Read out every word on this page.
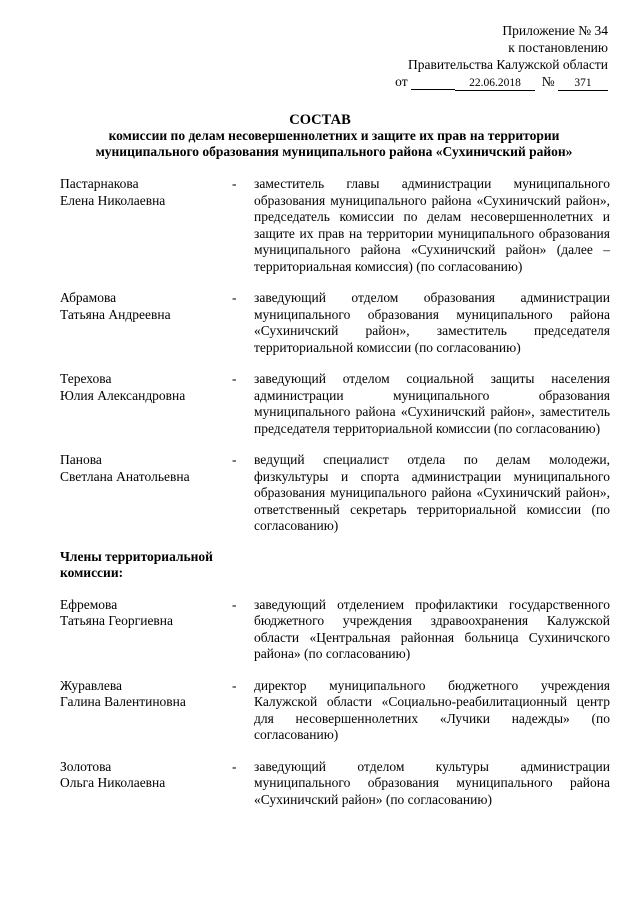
Приложение № 34
к постановлению
Правительства Калужской области
от	22.06.2018 № 371
СОСТАВ
комиссии по делам несовершеннолетних и защите их прав на территории муниципального образования муниципального района «Сухиничский район»
Пастарнакова
Елена Николаевна
-	заместитель главы администрации муниципального образования муниципального района «Сухиничский район», председатель комиссии по делам несовершеннолетних и защите их прав на территории муниципального образования муниципального района «Сухиничский район» (далее – территориальная комиссия) (по согласованию)
Абрамова
Татьяна Андреевна
-	заведующий отделом образования администрации муниципального образования муниципального района «Сухиничский район», заместитель председателя территориальной комиссии (по согласованию)
Терехова
Юлия Александровна
-	заведующий отделом социальной защиты населения администрации муниципального образования муниципального района «Сухиничский район», заместитель председателя территориальной комиссии (по согласованию)
Панова
Светлана Анатольевна
-	ведущий специалист отдела по делам молодежи, физкультуры и спорта администрации муниципального образования муниципального района «Сухиничский район», ответственный секретарь территориальной комиссии (по согласованию)
Члены территориальной
комиссии:
Ефремова
Татьяна Георгиевна
-	заведующий отделением профилактики государственного бюджетного учреждения здравоохранения Калужской области «Центральная районная больница Сухиничского района» (по согласованию)
Журавлева
Галина Валентиновна
-	директор муниципального бюджетного учреждения Калужской области «Социально-реабилитационный центр для несовершеннолетних «Лучики надежды» (по согласованию)
Золотова
Ольга Николаевна
-	заведующий отделом культуры администрации муниципального образования муниципального района «Сухиничский район» (по согласованию)
